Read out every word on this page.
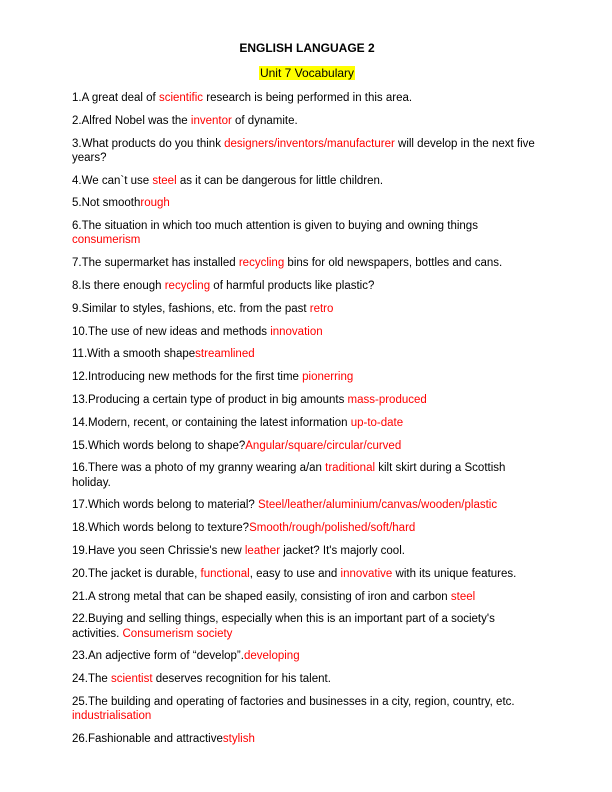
ENGLISH LANGUAGE 2
Unit 7 Vocabulary

1.A great deal of scientific research is being performed in this area.

2.Alfred Nobel was the inventor of dynamite.

3.What products do you think designers/inventors/manufacturer will develop in the next five years?

4.We can`t use steel as it can be dangerous for little children.

5.Not smoothrough

6.The situation in which too much attention is given to buying and owning things consumerism

7.The supermarket has installed recycling bins for old newspapers, bottles and cans.

8.Is there enough recycling of harmful products like plastic?

9.Similar to styles, fashions, etc. from the past retro

10.The use of new ideas and methods innovation

11.With a smooth shapestreamlined

12.Introducing new methods for the first time pionerring

13.Producing a certain type of product in big amounts mass-produced

14.Modern, recent, or containing the latest information up-to-date

15.Which words belong to shape?Angular/square/circular/curved

16.There was a photo of my granny wearing a/an traditional kilt skirt during a Scottish holiday.

17.Which words belong to material? Steel/leather/aluminium/canvas/wooden/plastic

18.Which words belong to texture?Smooth/rough/polished/soft/hard

19.Have you seen Chrissie's new leather jacket? It's majorly cool.

20.The jacket is durable, functional, easy to use and innovative with its unique features.

21.A strong metal that can be shaped easily, consisting of iron and carbon steel

22.Buying and selling things, especially when this is an important part of a society's activities. Consumerism society

23.An adjective form of “develop”.developing

24.The scientist deserves recognition for his talent.

25.The building and operating of factories and businesses in a city, region, country, etc. industrialisation

26.Fashionable and attractivestylish
